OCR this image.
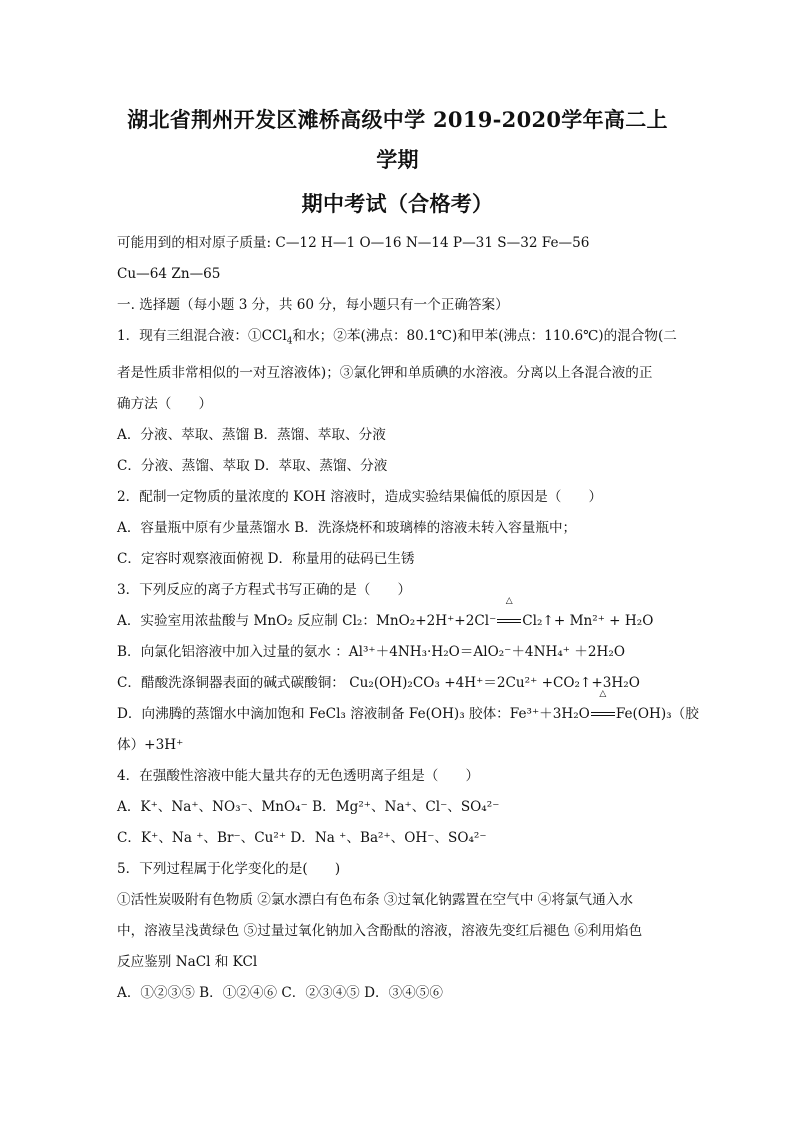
湖北省荆州开发区滩桥高级中学 2019-2020学年高二上学期
期中考试（合格考）
可能用到的相对原子质量: C—12 H—1 O—16 N—14 P—31 S—32 Fe—56
Cu—64 Zn—65
一. 选择题（每小题 3 分，共 60 分，每小题只有一个正确答案）
1．现有三组混合液：①CCl$_4$和水；②苯(沸点：80.1℃)和甲苯(沸点：110.6℃)的混合物(二
者是性质非常相似的一对互溶液体)；③氯化钾和单质碘的水溶液。分离以上各混合液的正
确方法（　　）
A．分液、萃取、蒸馏 B．蒸馏、萃取、分液
C．分液、蒸馏、萃取 D．萃取、蒸馏、分液
2．配制一定物质的量浓度的 KOH 溶液时，造成实验结果偏低的原因是（　　）
A．容量瓶中原有少量蒸馏水 B．洗涤烧杯和玻璃棒的溶液未转入容量瓶中；
C．定容时观察液面俯视 D．称量用的砝码已生锈
3．下列反应的离子方程式书写正确的是（　　）
A．实验室用浓盐酸与 MnO₂ 反应制 Cl₂：MnO₂+2H⁺+2Cl⁻
△
Cl₂↑+ Mn²⁺ + H₂O
B．向氯化铝溶液中加入过量的氨水 ：Al³⁺＋4NH₃·H₂O＝AlO₂⁻＋4NH₄⁺ ＋2H₂O
C．醋酸洗涤铜器表面的碱式碳酸铜： Cu₂(OH)₂CO₃ +4H⁺＝2Cu²⁺ +CO₂↑+3H₂O
D．向沸腾的蒸馏水中滴加饱和 FeCl₃ 溶液制备 Fe(OH)₃ 胶体：Fe³⁺＋3H₂O
△
Fe(OH)₃（胶
体）+3H⁺
4．在强酸性溶液中能大量共存的无色透明离子组是（　　）
A．K⁺、Na⁺、NO₃⁻、MnO₄⁻ B．Mg²⁺、Na⁺、Cl⁻、SO₄²⁻
C．K⁺、Na ⁺、Br⁻、Cu²⁺ D．Na ⁺、Ba²⁺、OH⁻、SO₄²⁻
5．下列过程属于化学变化的是(　　)
①活性炭吸附有色物质 ②氯水漂白有色布条 ③过氧化钠露置在空气中 ④将氯气通入水
中，溶液呈浅黄绿色 ⑤过量过氧化钠加入含酚酞的溶液，溶液先变红后褪色 ⑥利用焰色
反应鉴别 NaCl 和 KCl
A．①②③⑤ B．①②④⑥ C．②③④⑤ D．③④⑤⑥
